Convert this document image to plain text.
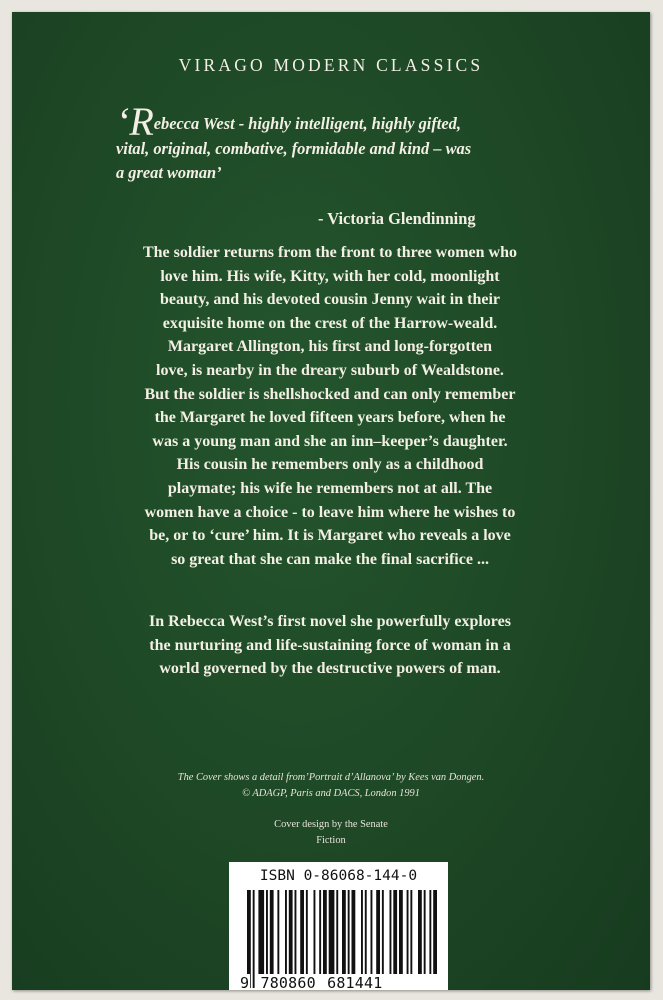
VIRAGO MODERN CLASSICS
‘Rebecca West - highly intelligent, highly gifted,
vital, original, combative, formidable and kind – was
a great woman’
- Victoria Glendinning
The soldier returns from the front to three women who
love him. His wife, Kitty, with her cold, moonlight
beauty, and his devoted cousin Jenny wait in their
exquisite home on the crest of the Harrow-weald.
Margaret Allington, his first and long-forgotten
love, is nearby in the dreary suburb of Wealdstone.
But the soldier is shellshocked and can only remember
the Margaret he loved fifteen years before, when he
was a young man and she an inn–keeper’s daughter.
His cousin he remembers only as a childhood
playmate; his wife he remembers not at all. The
women have a choice - to leave him where he wishes to
be, or to ‘cure’ him. It is Margaret who reveals a love
so great that she can make the final sacrifice ...
In Rebecca West’s first novel she powerfully explores
the nurturing and life-sustaining force of woman in a
world governed by the destructive powers of man.
The Cover shows a detail from’Portrait d’Allanova’ by Kees van Dongen.
© ADAGP, Paris and DACS, London 1991
Cover design by the Senate
Fiction
ISBN 0-86068-144-0
9 780860 681441
